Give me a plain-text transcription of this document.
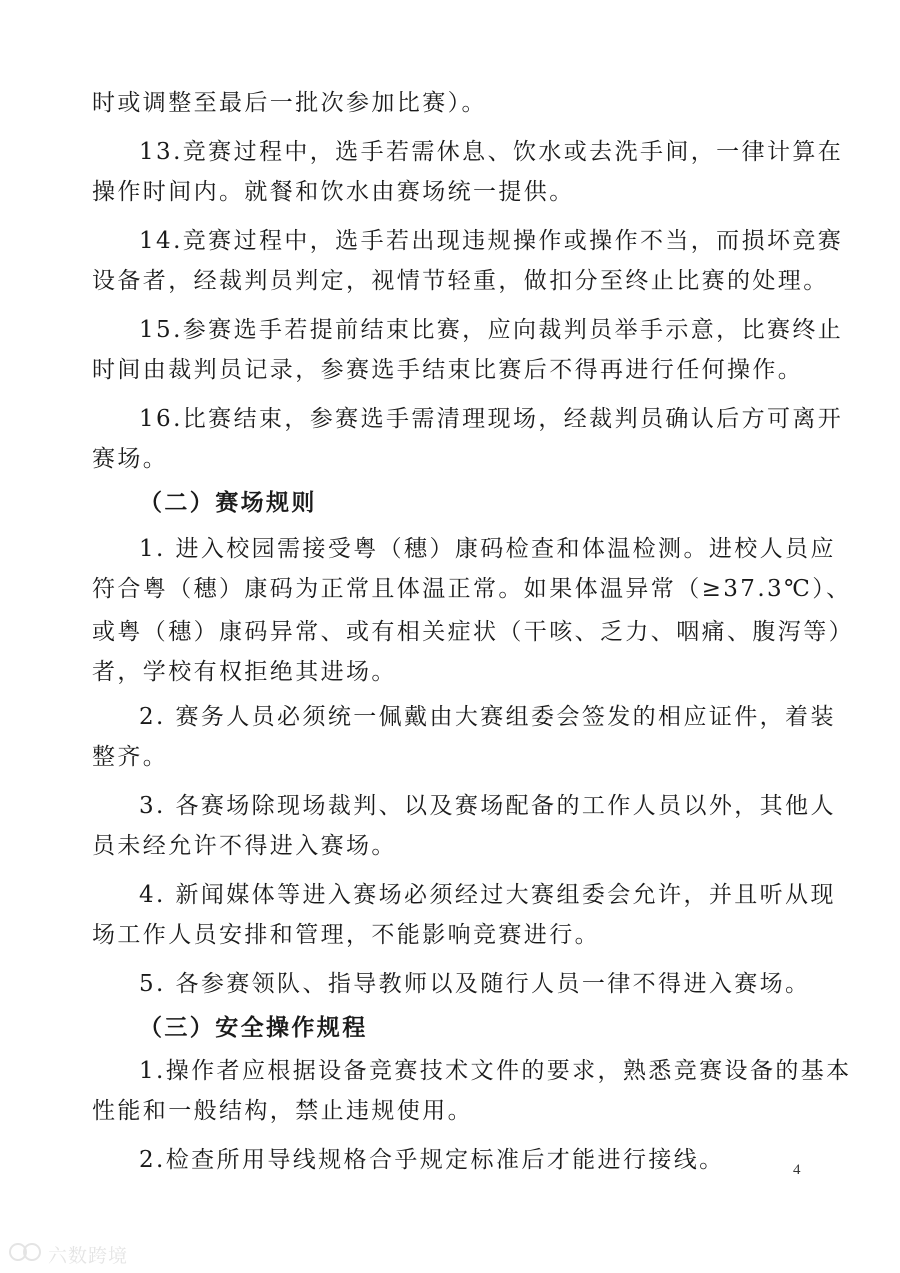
时或调整至最后一批次参加比赛）。
13.竞赛过程中，选手若需休息、饮水或去洗手间，一律计算在
操作时间内。就餐和饮水由赛场统一提供。
14.竞赛过程中，选手若出现违规操作或操作不当，而损坏竞赛
设备者，经裁判员判定，视情节轻重，做扣分至终止比赛的处理。
15.参赛选手若提前结束比赛，应向裁判员举手示意，比赛终止
时间由裁判员记录，参赛选手结束比赛后不得再进行任何操作。
16.比赛结束，参赛选手需清理现场，经裁判员确认后方可离开
赛场。
（二）赛场规则
1. 进入校园需接受粤（穗）康码检查和体温检测。进校人员应
符合粤（穗）康码为正常且体温正常。如果体温异常（≥37.3℃）、
或粤（穗）康码异常、或有相关症状（干咳、乏力、咽痛、腹泻等）
者，学校有权拒绝其进场。
2. 赛务人员必须统一佩戴由大赛组委会签发的相应证件，着装
整齐。
3. 各赛场除现场裁判、以及赛场配备的工作人员以外，其他人
员未经允许不得进入赛场。
4. 新闻媒体等进入赛场必须经过大赛组委会允许，并且听从现
场工作人员安排和管理，不能影响竞赛进行。
5. 各参赛领队、指导教师以及随行人员一律不得进入赛场。
（三）安全操作规程
1.操作者应根据设备竞赛技术文件的要求，熟悉竞赛设备的基本
性能和一般结构，禁止违规使用。
2.检查所用导线规格合乎规定标准后才能进行接线。	4
六数跨境
